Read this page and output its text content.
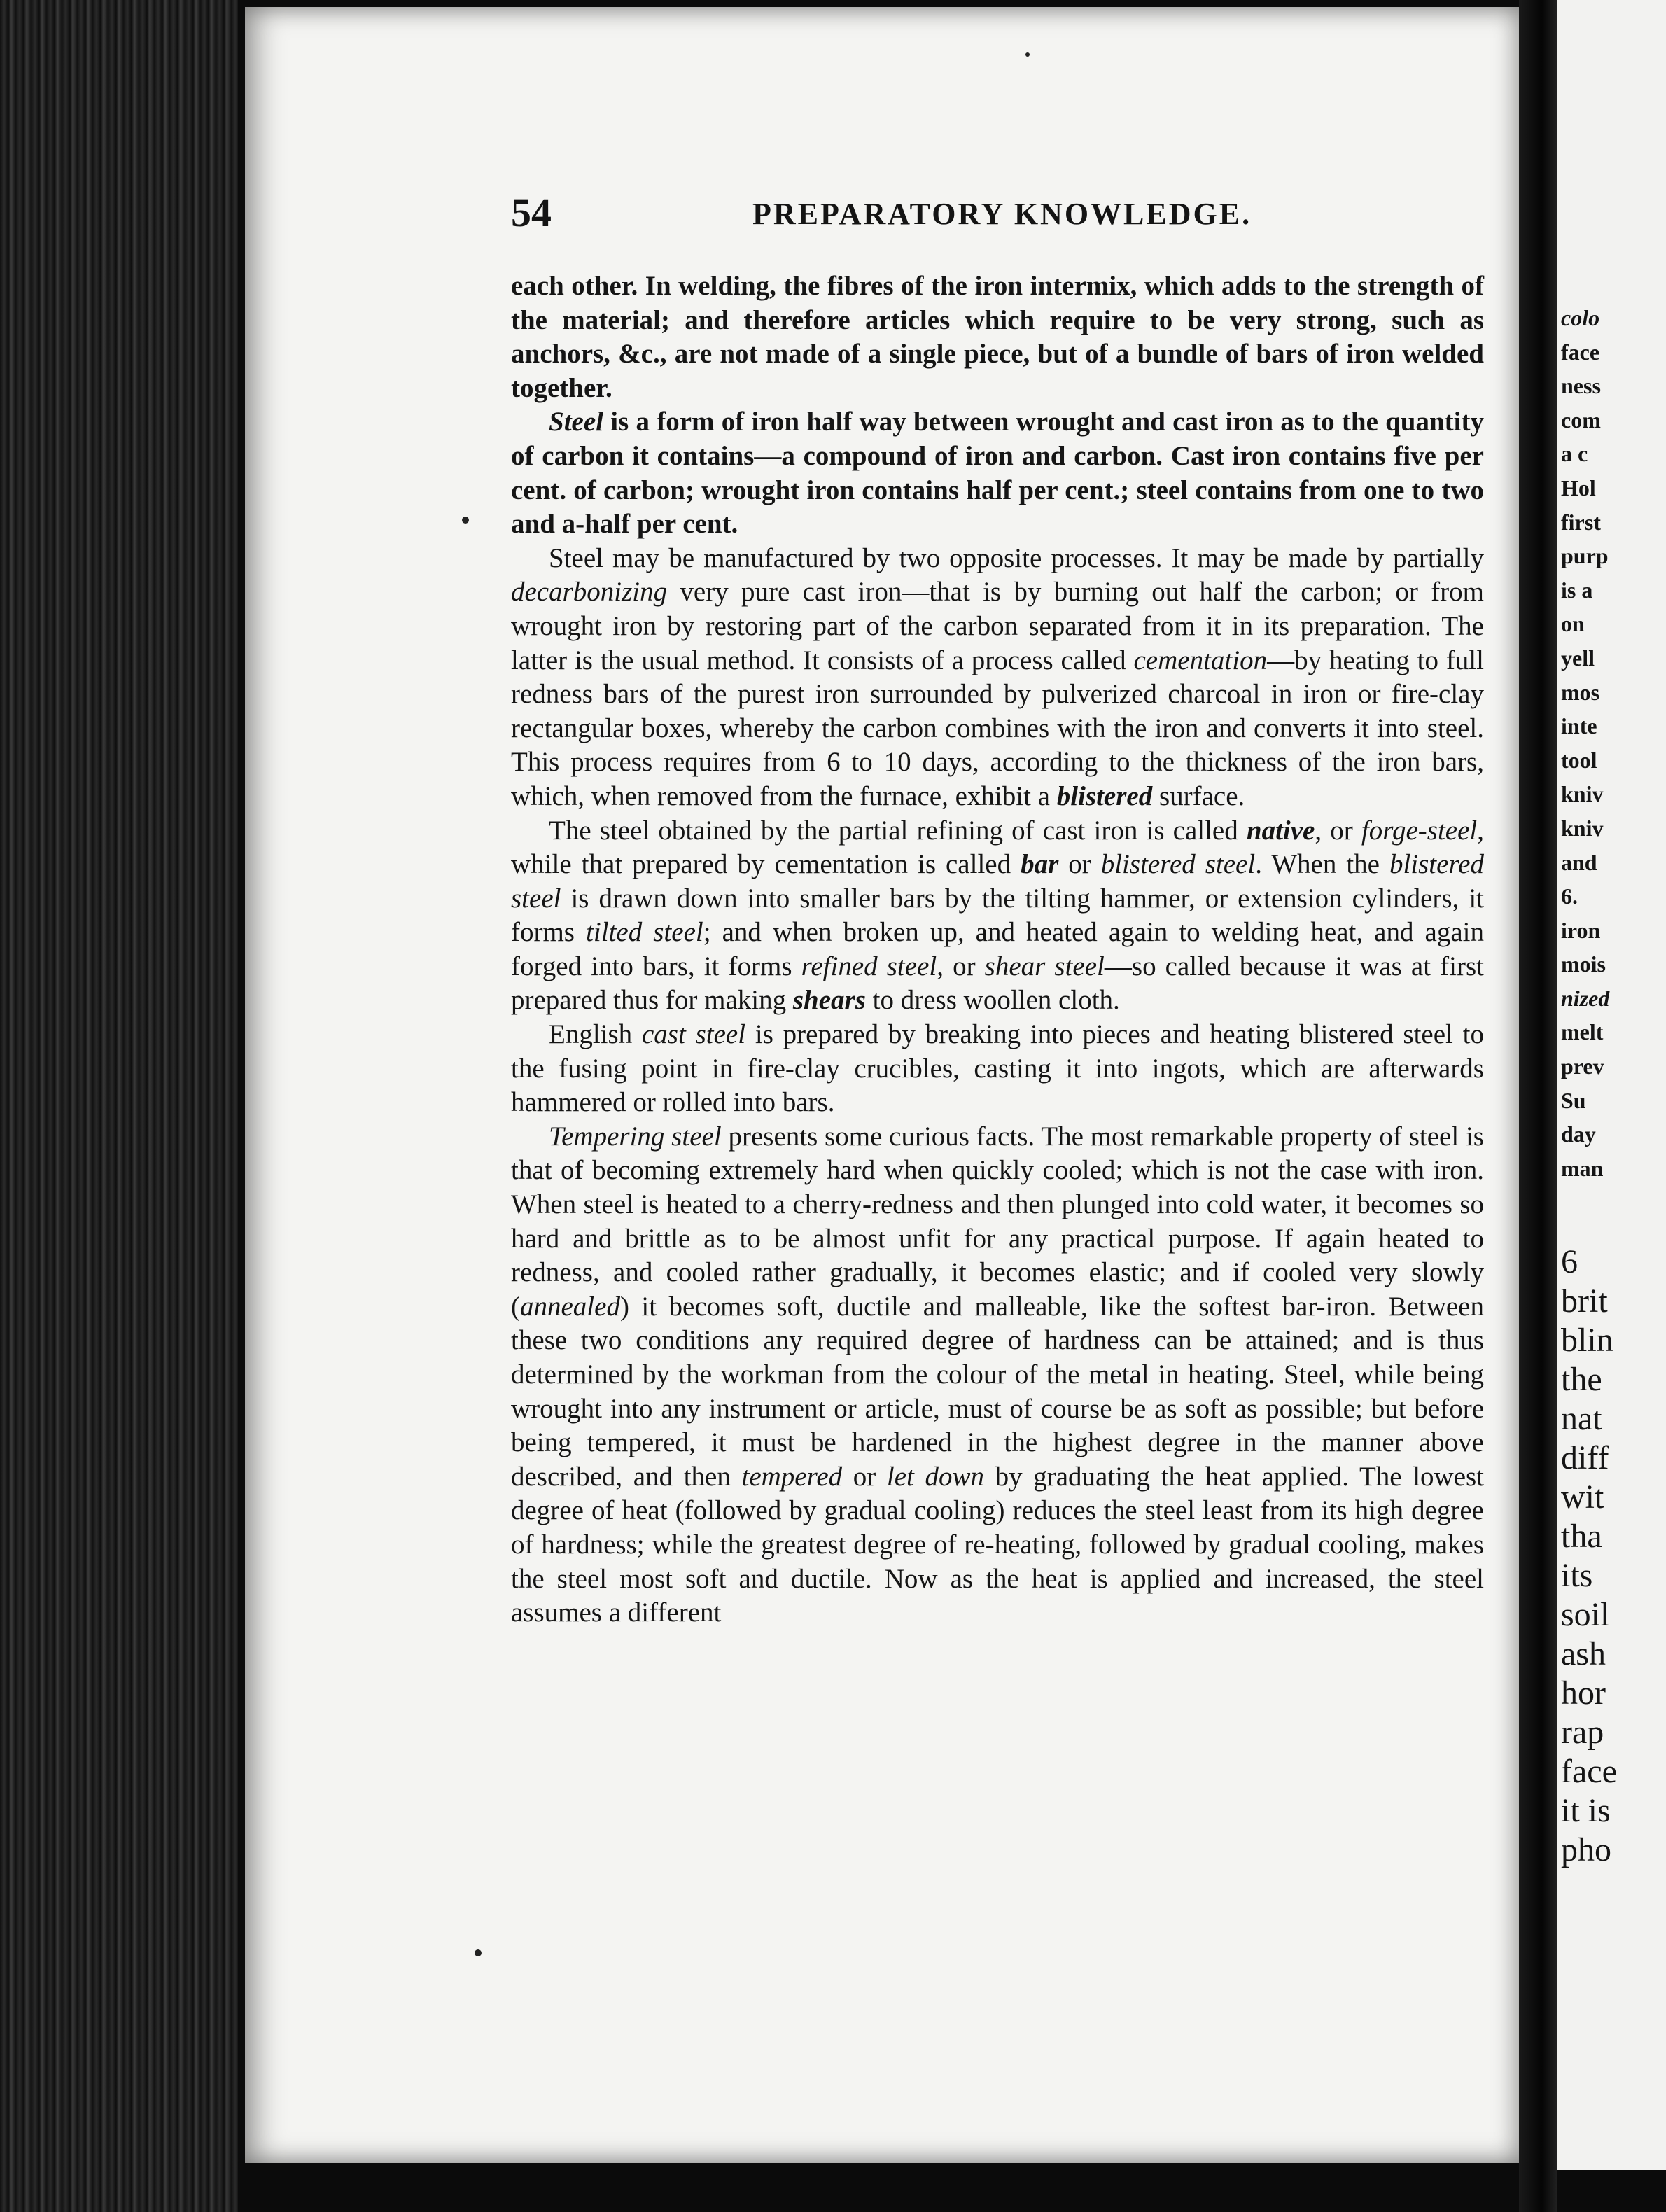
54	PREPARATORY KNOWLEDGE.

each other. In welding, the fibres of the iron intermix, which adds to the strength of the material; and therefore articles which require to be very strong, such as anchors, &c., are not made of a single piece, but of a bundle of bars of iron welded together.

Steel is a form of iron half way between wrought and cast iron as to the quantity of carbon it contains—a compound of iron and carbon. Cast iron contains five per cent. of carbon; wrought iron contains half per cent.; steel contains from one to two and a-half per cent.

Steel may be manufactured by two opposite processes. It may be made by partially decarbonizing very pure cast iron—that is by burning out half the carbon; or from wrought iron by restoring part of the carbon separated from it in its preparation. The latter is the usual method. It consists of a process called cementation—by heating to full redness bars of the purest iron surrounded by pulverized charcoal in iron or fire-clay rectangular boxes, whereby the carbon combines with the iron and converts it into steel. This process requires from 6 to 10 days, according to the thickness of the iron bars, which, when removed from the furnace, exhibit a blistered surface.

The steel obtained by the partial refining of cast iron is called native, or forge-steel, while that prepared by cementation is called bar or blistered steel. When the blistered steel is drawn down into smaller bars by the tilting hammer, or extension cylinders, it forms tilted steel; and when broken up, and heated again to welding heat, and again forged into bars, it forms refined steel, or shear steel—so called because it was at first prepared thus for making shears to dress woollen cloth.

English cast steel is prepared by breaking into pieces and heating blistered steel to the fusing point in fire-clay crucibles, casting it into ingots, which are afterwards hammered or rolled into bars.

Tempering steel presents some curious facts. The most remarkable property of steel is that of becoming extremely hard when quickly cooled; which is not the case with iron. When steel is heated to a cherry-redness and then plunged into cold water, it becomes so hard and brittle as to be almost unfit for any practical purpose. If again heated to redness, and cooled rather gradually, it becomes elastic; and if cooled very slowly (annealed) it becomes soft, ductile and malleable, like the softest bar-iron. Between these two conditions any required degree of hardness can be attained; and is thus determined by the workman from the colour of the metal in heating. Steel, while being wrought into any instrument or article, must of course be as soft as possible; but before being tempered, it must be hardened in the highest degree in the manner above described, and then tempered or let down by graduating the heat applied. The lowest degree of heat (followed by gradual cooling) reduces the steel least from its high degree of hardness; while the greatest degree of re-heating, followed by gradual cooling, makes the steel most soft and ductile. Now as the heat is applied and increased, the steel assumes a different

colo
face
ness
com
a c
Hol
first
purp
is a
on
yell
mos
inte
tool
kniv
kniv
and
6.
iron
mois
nized
melt
prev
Su
day
man
6
brit
blin
the
nat
diff
wit
tha
its
soil
ash
hor
rap
face
it is
pho
